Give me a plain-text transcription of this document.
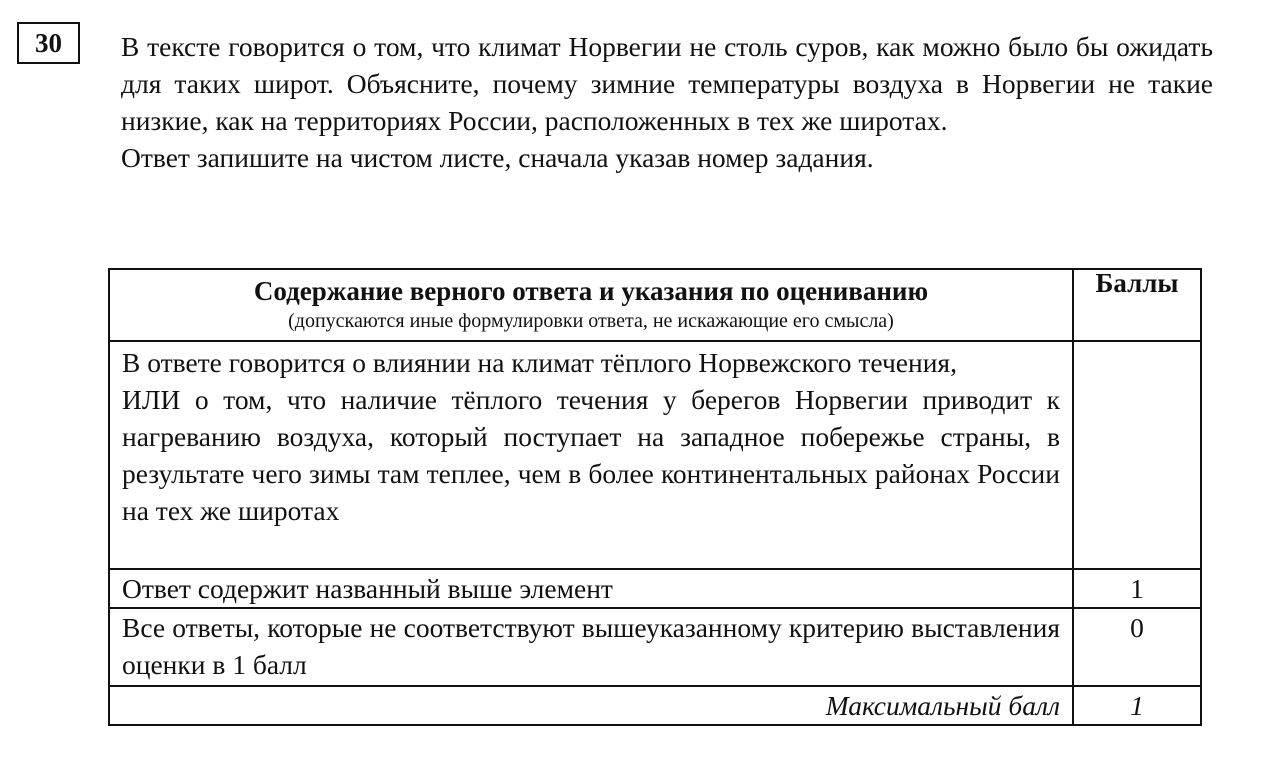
30	В тексте говорится о том, что климат Норвегии не столь суров, как можно было бы ожидать для таких широт. Объясните, почему зимние температуры воздуха в Норвегии не такие низкие, как на территориях России, расположенных в тех же широтах.

Ответ запишите на чистом листе, сначала указав номер задания.

Содержание верного ответа и указания по оцениванию
(допускаются иные формулировки ответа, не искажающие его смысла)	Баллы

В ответе говорится о влиянии на климат тёплого Норвежского течения,

ИЛИ о том, что наличие тёплого течения у берегов Норвегии приводит к нагреванию воздуха, который поступает на западное побережье страны, в результате чего зимы там теплее, чем в более континентальных районах России на тех же широтах	

Ответ содержит названный выше элемент	1
Все ответы, которые не соответствуют вышеуказанному критерию выставления оценки в 1 балл	0
Максимальный балл	1
